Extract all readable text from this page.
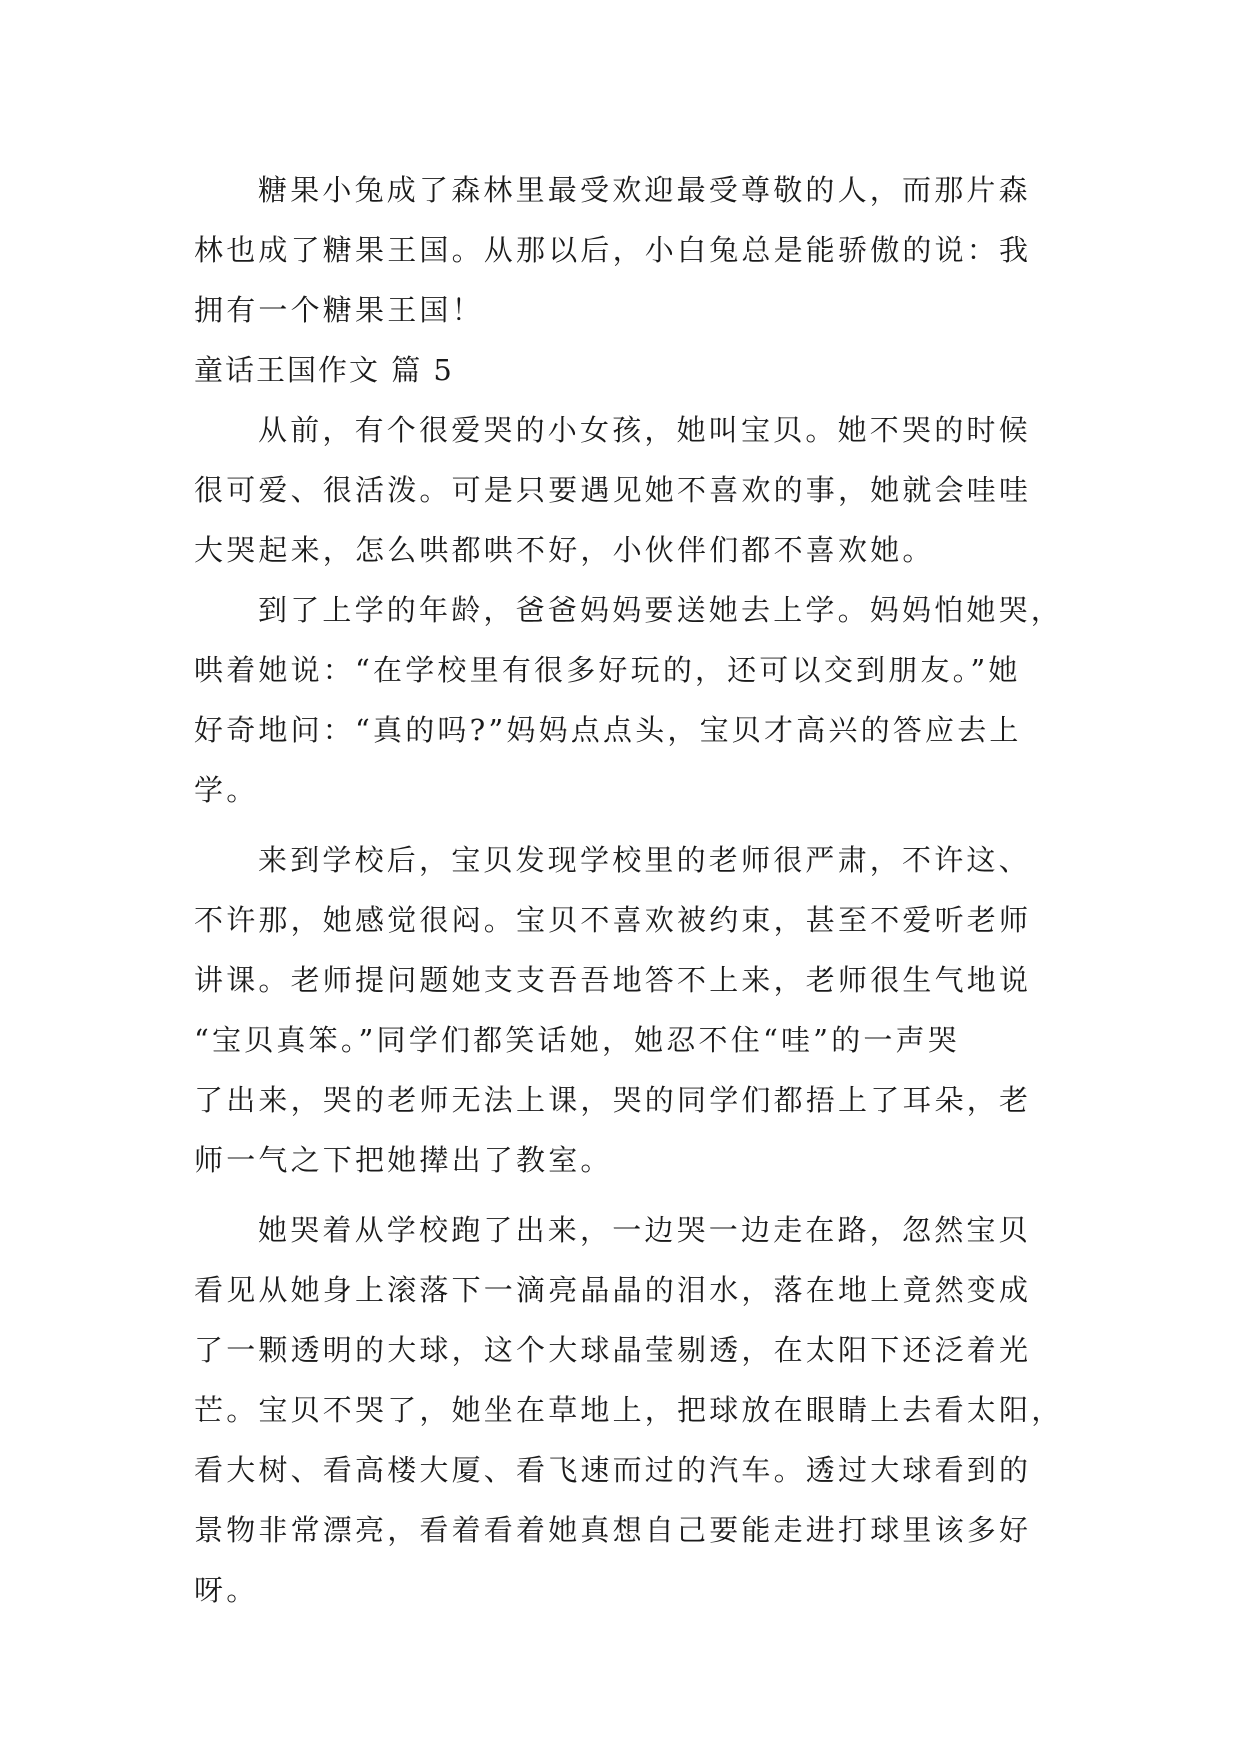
糖果小兔成了森林里最受欢迎最受尊敬的人，而那片森
林也成了糖果王国。从那以后，小白兔总是能骄傲的说：我
拥有一个糖果王国！
童话王国作文 篇 5
从前，有个很爱哭的小女孩，她叫宝贝。她不哭的时候
很可爱、很活泼。可是只要遇见她不喜欢的事，她就会哇哇
大哭起来，怎么哄都哄不好，小伙伴们都不喜欢她。
到了上学的年龄，爸爸妈妈要送她去上学。妈妈怕她哭，
哄着她说：“在学校里有很多好玩的，还可以交到朋友。”她
好奇地问：“真的吗?”妈妈点点头，宝贝才高兴的答应去上
学。
来到学校后，宝贝发现学校里的老师很严肃，不许这、
不许那，她感觉很闷。宝贝不喜欢被约束，甚至不爱听老师
讲课。老师提问题她支支吾吾地答不上来，老师很生气地说
“宝贝真笨。”同学们都笑话她，她忍不住“哇”的一声哭
了出来，哭的老师无法上课，哭的同学们都捂上了耳朵，老
师一气之下把她撵出了教室。
她哭着从学校跑了出来，一边哭一边走在路，忽然宝贝
看见从她身上滚落下一滴亮晶晶的泪水，落在地上竟然变成
了一颗透明的大球，这个大球晶莹剔透，在太阳下还泛着光
芒。宝贝不哭了，她坐在草地上，把球放在眼睛上去看太阳，
看大树、看高楼大厦、看飞速而过的汽车。透过大球看到的
景物非常漂亮，看着看着她真想自己要能走进打球里该多好
呀。
